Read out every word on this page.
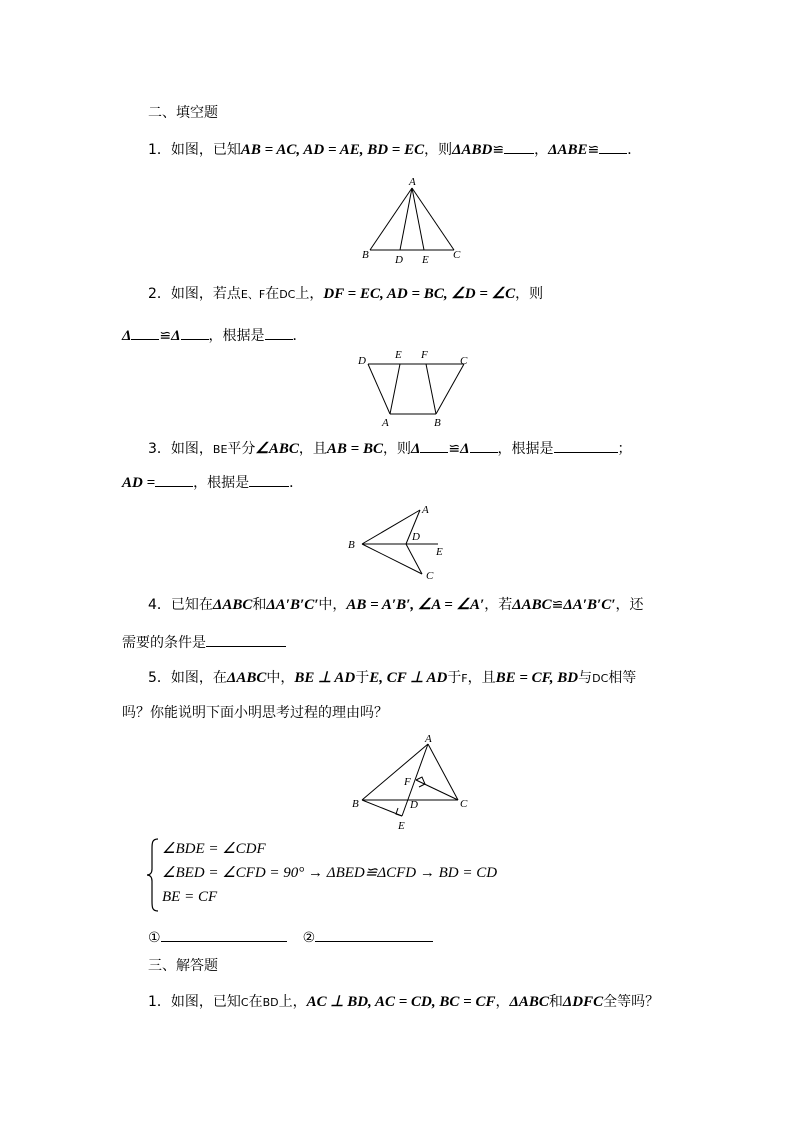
二、填空题
1．如图，已知AB = AC, AD = AE, BD = EC，则ΔABD≌ ，ΔABE≌ ．
A
B D E C
2．如图，若点E、F在DC上，DF = EC, AD = BC, ∠D = ∠C，则
Δ ≌Δ ，根据是 ．
D	E F	C
A	B
3．如图，BE平分∠ABC，且AB = BC，则Δ ≌Δ ，根据是	；
AD =	，根据是	．
B
A
D
E
C
4．已知在ΔABC和ΔA′B′C′中，AB = A′B′, ∠A = ∠A′，若ΔABC≌ΔA′B′C′，还
需要的条件是
5．如图，在ΔABC中，BE ⊥ AD于E, CF ⊥ AD于F，且BE = CF, BD与DC相等
吗？你能说明下面小明思考过程的理由吗？
A
F
B	D	C
E
∠BDE = ∠CDF
∠BED = ∠CFD = 90° → ΔBED≌ΔCFD → BD = CD
BE = CF
①	②
三、解答题
1．如图，已知C在BD上，AC ⊥ BD, AC = CD, BC = CF，ΔABC和ΔDFC全等吗？
